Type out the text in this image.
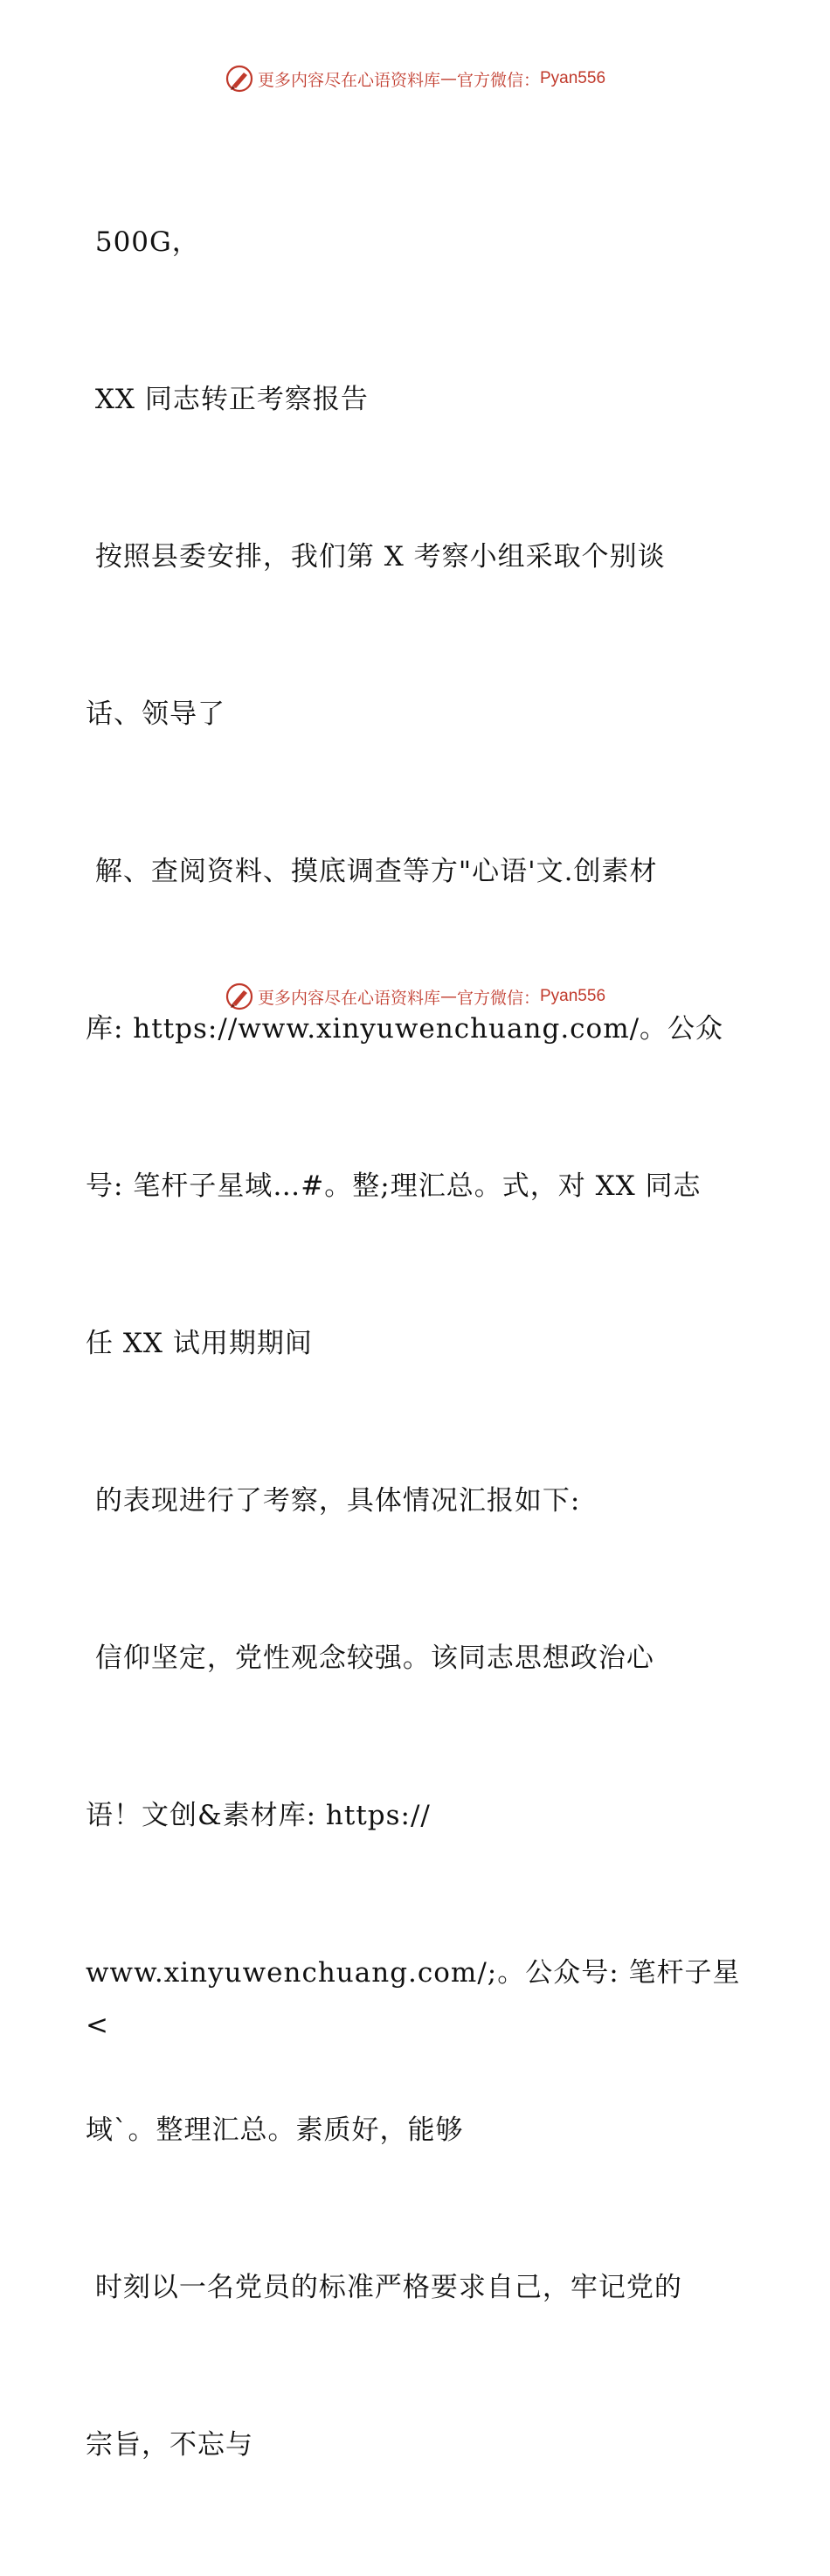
更多内容尽在心语资料库 — 官方微信： Pyan556

500G，

XX 同志转正考察报告

按照县委安排，我们第 X 考察小组采取个别谈

话、领导了

解、查阅资料、摸底调查等方"心语'文.创素材

库: https://www.xinyuwenchuang.com/。公众

号: 笔杆子星域…#。整;理汇总。式，对 XX 同志

任 XX 试用期期间

的表现进行了考察，具体情况汇报如下:

信仰坚定，党性观念较强。该同志思想政治心

语！文创&素材库: https://

www.xinyuwenchuang.com/;。公众号: 笔杆子星<

域`。整理汇总。素质好，能够

时刻以一名党员的标准严格要求自己，牢记党的

宗旨，不忘与

更多内容尽在心语资料库 — 官方微信： Pyan556
